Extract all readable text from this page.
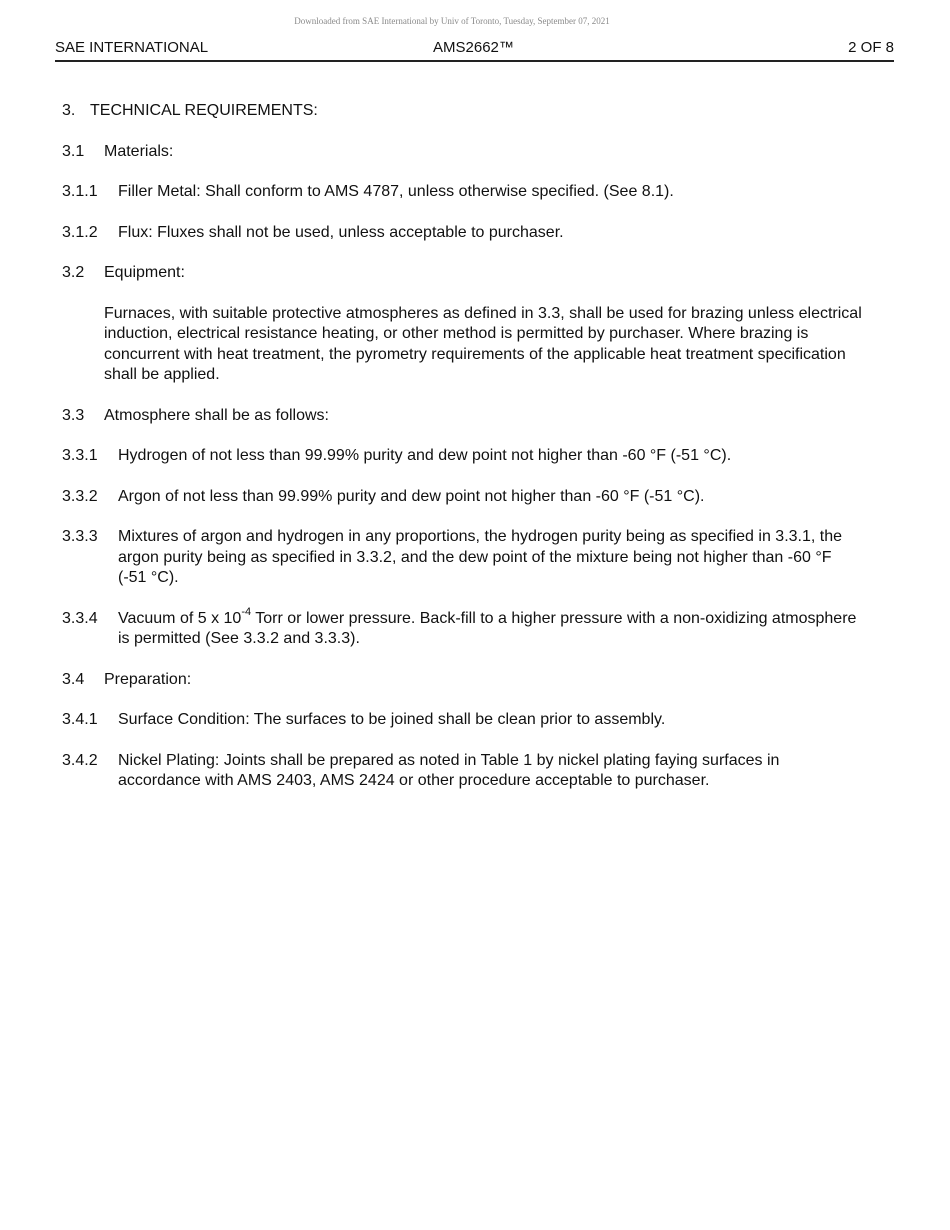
Downloaded from SAE International by Univ of Toronto, Tuesday, September 07, 2021
SAE INTERNATIONAL	AMS2662™	2 OF 8
3. TECHNICAL REQUIREMENTS:
3.1 Materials:
3.1.1 Filler Metal: Shall conform to AMS 4787, unless otherwise specified. (See 8.1).
3.1.2 Flux: Fluxes shall not be used, unless acceptable to purchaser.
3.2 Equipment:
Furnaces, with suitable protective atmospheres as defined in 3.3, shall be used for brazing unless electrical induction, electrical resistance heating, or other method is permitted by purchaser. Where brazing is concurrent with heat treatment, the pyrometry requirements of the applicable heat treatment specification shall be applied.
3.3 Atmosphere shall be as follows:
3.3.1 Hydrogen of not less than 99.99% purity and dew point not higher than -60 °F (-51 °C).
3.3.2 Argon of not less than 99.99% purity and dew point not higher than -60 °F (-51 °C).
3.3.3 Mixtures of argon and hydrogen in any proportions, the hydrogen purity being as specified in 3.3.1, the argon purity being as specified in 3.3.2, and the dew point of the mixture being not higher than -60 °F (-51 °C).
3.3.4 Vacuum of 5 x $10^{-4}$ Torr or lower pressure. Back-fill to a higher pressure with a non-oxidizing atmosphere is permitted (See 3.3.2 and 3.3.3).
3.4 Preparation:
3.4.1 Surface Condition: The surfaces to be joined shall be clean prior to assembly.
3.4.2 Nickel Plating: Joints shall be prepared as noted in Table 1 by nickel plating faying surfaces in accordance with AMS 2403, AMS 2424 or other procedure acceptable to purchaser.
